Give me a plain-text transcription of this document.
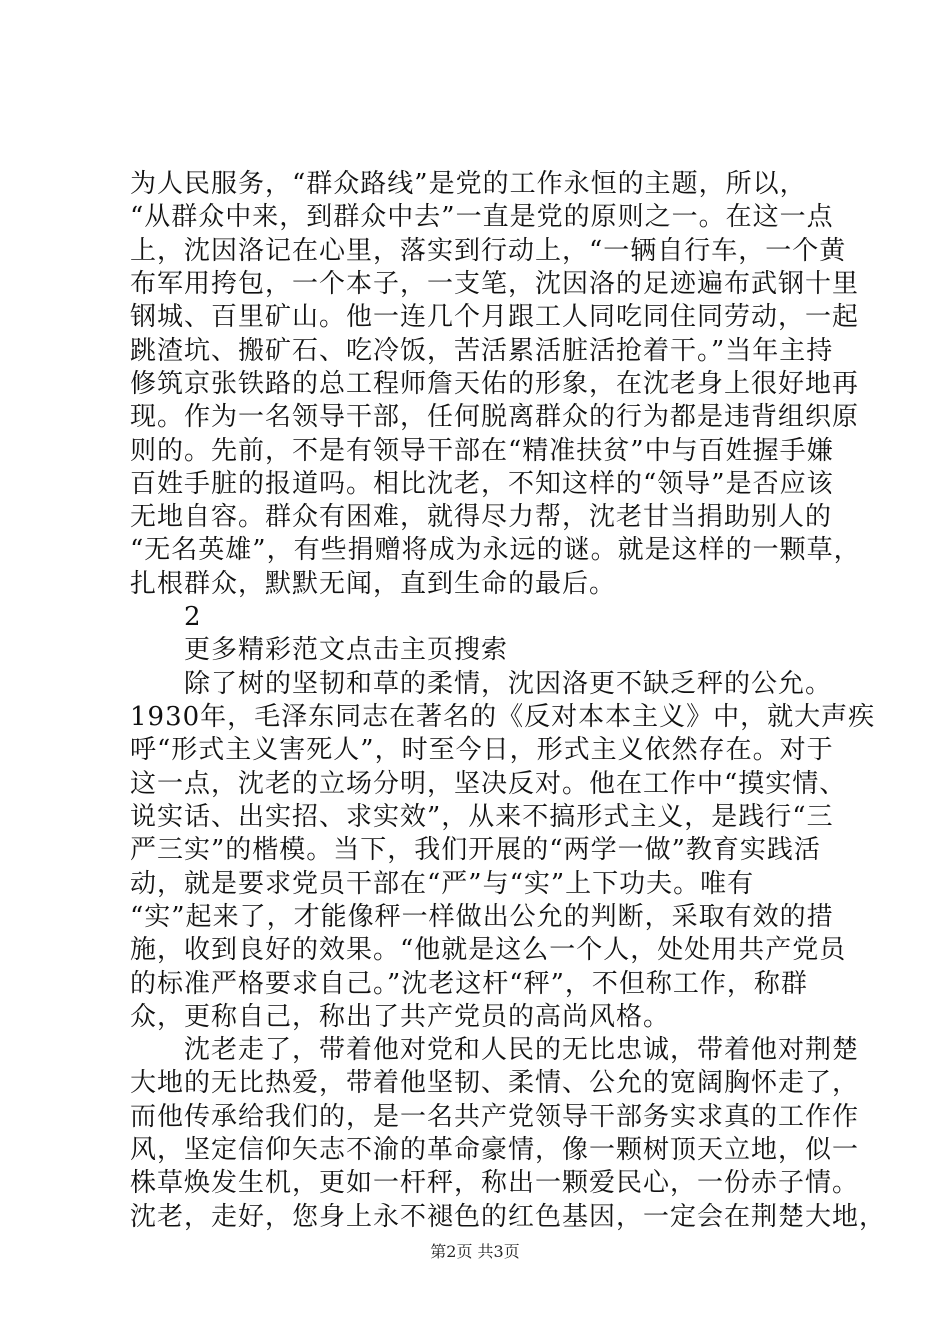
为人民服务，“群众路线”是党的工作永恒的主题，所以，
“从群众中来，到群众中去”一直是党的原则之一。在这一点
上，沈因洛记在心里，落实到行动上，“一辆自行车，一个黄
布军用挎包，一个本子，一支笔，沈因洛的足迹遍布武钢十里
钢城、百里矿山。他一连几个月跟工人同吃同住同劳动，一起
跳渣坑、搬矿石、吃冷饭，苦活累活脏活抢着干。”当年主持
修筑京张铁路的总工程师詹天佑的形象，在沈老身上很好地再
现。作为一名领导干部，任何脱离群众的行为都是违背组织原
则的。先前，不是有领导干部在“精准扶贫”中与百姓握手嫌
百姓手脏的报道吗。相比沈老，不知这样的“领导”是否应该
无地自容。群众有困难，就得尽力帮，沈老甘当捐助别人的
“无名英雄”，有些捐赠将成为永远的谜。就是这样的一颗草，
扎根群众，默默无闻，直到生命的最后。
　　2
　　更多精彩范文点击主页搜索
　　除了树的坚韧和草的柔情，沈因洛更不缺乏秤的公允。
1930年，毛泽东同志在著名的《反对本本主义》中，就大声疾
呼“形式主义害死人”，时至今日，形式主义依然存在。对于
这一点，沈老的立场分明，坚决反对。他在工作中“摸实情、
说实话、出实招、求实效”，从来不搞形式主义，是践行“三
严三实”的楷模。当下，我们开展的“两学一做”教育实践活
动，就是要求党员干部在“严”与“实”上下功夫。唯有
“实”起来了，才能像秤一样做出公允的判断，采取有效的措
施，收到良好的效果。“他就是这么一个人，处处用共产党员
的标准严格要求自己。”沈老这杆“秤”，不但称工作，称群
众，更称自己，称出了共产党员的高尚风格。
　　沈老走了，带着他对党和人民的无比忠诚，带着他对荆楚
大地的无比热爱，带着他坚韧、柔情、公允的宽阔胸怀走了，
而他传承给我们的，是一名共产党领导干部务实求真的工作作
风，坚定信仰矢志不渝的革命豪情，像一颗树顶天立地，似一
株草焕发生机，更如一杆秤，称出一颗爱民心，一份赤子情。
沈老，走好，您身上永不褪色的红色基因，一定会在荆楚大地，
第2页 共3页
